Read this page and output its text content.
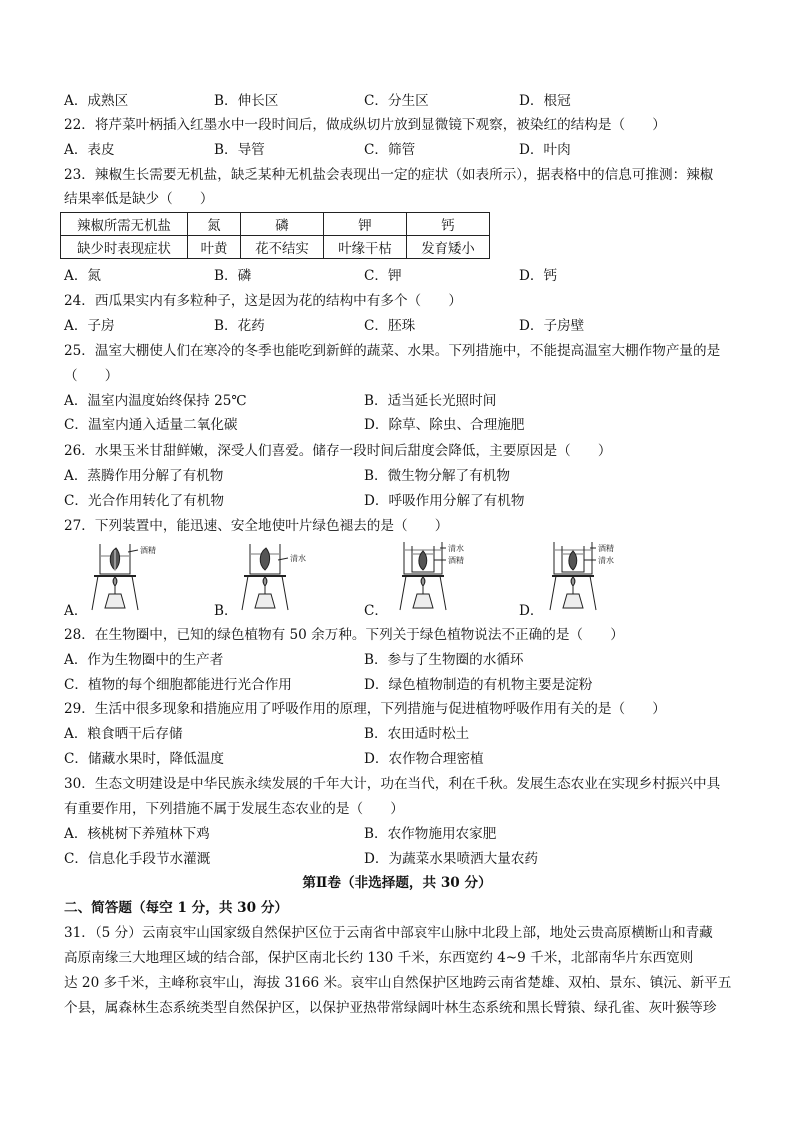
A．成熟区	B．伸长区	C．分生区	D．根冠
22．将芹菜叶柄插入红墨水中一段时间后，做成纵切片放到显微镜下观察，被染红的结构是（　　）
A．表皮	B．导管	C．筛管	D．叶肉
23．辣椒生长需要无机盐，缺乏某种无机盐会表现出一定的症状（如表所示），据表格中的信息可推测：辣椒
结果率低是缺少（　　）
辣椒所需无机盐	氮	磷	钾	钙
缺少时表现症状	叶黄	花不结实	叶缘干枯	发育矮小
A．氮	B．磷	C．钾	D．钙
24．西瓜果实内有多粒种子，这是因为花的结构中有多个（　　）
A．子房	B．花药	C．胚珠	D．子房壁
25．温室大棚使人们在寒冷的冬季也能吃到新鲜的蔬菜、水果。下列措施中，不能提高温室大棚作物产量的是
（　　）
A．温室内温度始终保持 25℃	B．适当延长光照时间
C．温室内通入适量二氧化碳	D．除草、除虫、合理施肥
26．水果玉米甘甜鲜嫩，深受人们喜爱。储存一段时间后甜度会降低，主要原因是（　　）
A．蒸腾作用分解了有机物	B．微生物分解了有机物
C．光合作用转化了有机物	D．呼吸作用分解了有机物
27．下列装置中，能迅速、安全地使叶片绿色褪去的是（　　）
A．	B．	C．	D．
酒精
清水
清水
酒精
酒精
清水
28．在生物圈中，已知的绿色植物有 50 余万种。下列关于绿色植物说法不正确的是（　　）
A．作为生物圈中的生产者	B．参与了生物圈的水循环
C．植物的每个细胞都能进行光合作用	D．绿色植物制造的有机物主要是淀粉
29．生活中很多现象和措施应用了呼吸作用的原理，下列措施与促进植物呼吸作用有关的是（　　）
A．粮食晒干后存储	B．农田适时松土
C．储藏水果时，降低温度	D．农作物合理密植
30．生态文明建设是中华民族永续发展的千年大计，功在当代，利在千秋。发展生态农业在实现乡村振兴中具
有重要作用，下列措施不属于发展生态农业的是（　　）
A．核桃树下养殖林下鸡	B．农作物施用农家肥
C．信息化手段节水灌溉	D．为蔬菜水果喷洒大量农药
第Ⅱ卷（非选择题，共 30 分）
二、简答题（每空 1 分，共 30 分）
31．（5 分）云南哀牢山国家级自然保护区位于云南省中部哀牢山脉中北段上部，地处云贵高原横断山和青藏
高原南缘三大地理区域的结合部，保护区南北长约 130 千米，东西宽约 4~9 千米，北部南华片东西宽则
达 20 多千米，主峰称哀牢山，海拔 3166 米。哀牢山自然保护区地跨云南省楚雄、双柏、景东、镇沅、新平五
个县，属森林生态系统类型自然保护区，以保护亚热带常绿阔叶林生态系统和黑长臂猿、绿孔雀、灰叶猴等珍
